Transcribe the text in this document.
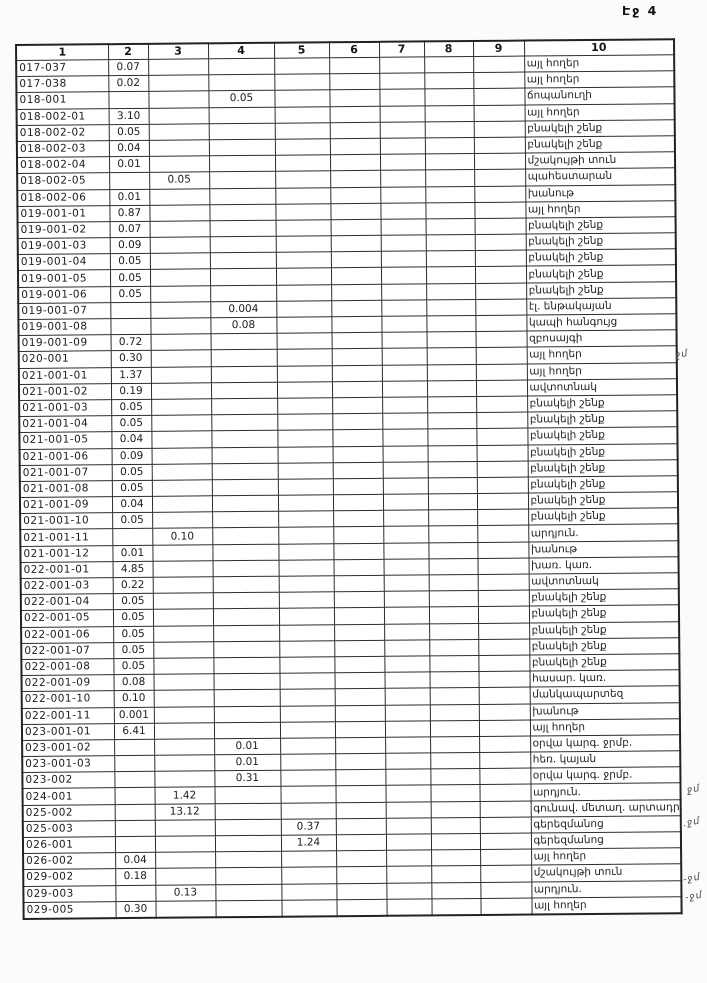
Էջ 4
1	2	3	4	5	6	7	8	9	10
017-037	0.07								այլ հողեր
017-038	0.02								այլ հողեր
018-001			0.05						ճոպանուղի
018-002-01	3.10								այլ հողեր
018-002-02	0.05								բնակելի շենք
018-002-03	0.04								բնակելի շենք
018-002-04	0.01								մշակույթի տուն
018-002-05		0.05							պահեստարան
018-002-06	0.01								խանութ
019-001-01	0.87								այլ հողեր
019-001-02	0.07								բնակելի շենք
019-001-03	0.09								բնակելի շենք
019-001-04	0.05								բնակելի շենք
019-001-05	0.05								բնակելի շենք
019-001-06	0.05								բնակելի շենք
019-001-07			0.004						էլ. ենթակայան
019-001-08			0.08						կապի հանգույց
019-001-09	0.72								զբոսայգի
020-001	0.30								այլ հողեր
021-001-01	1.37								այլ հողեր
021-001-02	0.19								ավտոտնակ
021-001-03	0.05								բնակելի շենք
021-001-04	0.05								բնակելի շենք
021-001-05	0.04								բնակելի շենք
021-001-06	0.09								բնակելի շենք
021-001-07	0.05								բնակելի շենք
021-001-08	0.05								բնակելի շենք
021-001-09	0.04								բնակելի շենք
021-001-10	0.05								բնակելի շենք
021-001-11		0.10							արդյուն.
021-001-12	0.01								խանութ
022-001-01	4.85								խառ. կառ.
022-001-03	0.22								ավտոտնակ
022-001-04	0.05								բնակելի շենք
022-001-05	0.05								բնակելի շենք
022-001-06	0.05								բնակելի շենք
022-001-07	0.05								բնակելի շենք
022-001-08	0.05								բնակելի շենք
022-001-09	0.08								հասար. կառ.
022-001-10	0.10								մանկապարտեզ
022-001-11	0.001								խանութ
023-001-01	6.41								այլ հողեր
023-001-02			0.01						օրվա կարգ. ջրմբ.
023-001-03			0.01						հեռ. կայան
023-002			0.31						օրվա կարգ. ջրմբ.
024-001		1.42							արդյուն.
025-002		13.12							գունավ. մետաղ. արտադր.
025-003				0.37					գերեզմանոց
026-001				1.24					գերեզմանոց
026-002	0.04								այլ հողեր
029-002	0.18								մշակույթի տուն
029-003		0.13							արդյուն.
029-005	0.30								այլ հողեր
ջմ
ջմ
.ջմ
-ջմ
-ջմ
